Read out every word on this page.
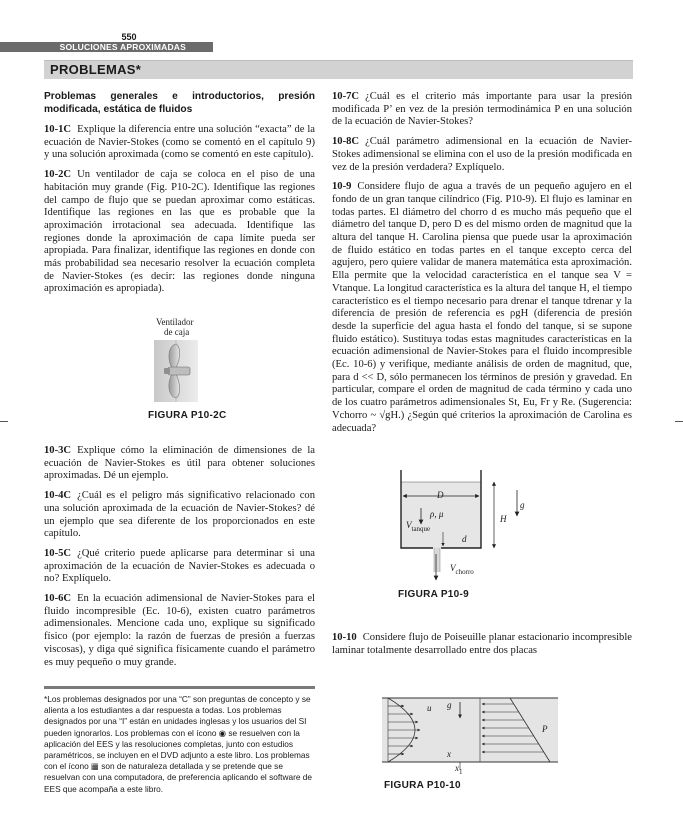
550
SOLUCIONES APROXIMADAS
PROBLEMAS*
Problemas generales e introductorios, presión modificada, estática de fluidos

10-1C Explique la diferencia entre una solución “exacta” de la ecuación de Navier-Stokes (como se comentó en el capítulo 9) y una solución aproximada (como se comentó en este capítulo).

10-2C Un ventilador de caja se coloca en el piso de una habitación muy grande (Fig. P10-2C). Identifique las regiones del campo de flujo que se puedan aproximar como estáticas. Identifique las regiones en las que es probable que la aproximación irrotacional sea adecuada. Identifique las regiones donde la aproximación de capa límite pueda ser apropiada. Para finalizar, identifique las regiones en donde con más probabilidad sea necesario resolver la ecuación completa de Navier-Stokes (es decir: las regiones donde ninguna aproximación es apropiada).

Ventilador
de caja
FIGURA P10-2C

10-3C Explique cómo la eliminación de dimensiones de la ecuación de Navier-Stokes es útil para obtener soluciones aproximadas. Dé un ejemplo.

10-4C ¿Cuál es el peligro más significativo relacionado con una solución aproximada de la ecuación de Navier-Stokes? dé un ejemplo que sea diferente de los proporcionados en este capítulo.

10-5C ¿Qué criterio puede aplicarse para determinar si una aproximación de la ecuación de Navier-Stokes es adecuada o no? Explíquelo.

10-6C En la ecuación adimensional de Navier-Stokes para el fluido incompresible (Ec. 10-6), existen cuatro parámetros adimensionales. Mencione cada uno, explique su significado físico (por ejemplo: la razón de fuerzas de presión a fuerzas viscosas), y diga qué significa físicamente cuando el parámetro es muy pequeño o muy grande.

*Los problemas designados por una “C” son preguntas de concepto y se alienta a los estudiantes a dar respuesta a todas. Los problemas designados por una “I” están en unidades inglesas y los usuarios del SI pueden ignorarlos. Los problemas con el ícono ◉ se resuelven con la aplicación del EES y las resoluciones completas, junto con estudios paramétricos, se incluyen en el DVD adjunto a este libro. Los problemas con el ícono ▦ son de naturaleza detallada y se pretende que se resuelvan con una computadora, de preferencia aplicando el software de EES que acompaña a este libro.

10-7C ¿Cuál es el criterio más importante para usar la presión modificada P’ en vez de la presión termodinámica P en una solución de la ecuación de Navier-Stokes?

10-8C ¿Cuál parámetro adimensional en la ecuación de Navier-Stokes adimensional se elimina con el uso de la presión modificada en vez de la presión verdadera? Explíquelo.

10-9 Considere flujo de agua a través de un pequeño agujero en el fondo de un gran tanque cilíndrico (Fig. P10-9). El flujo es laminar en todas partes. El diámetro del chorro d es mucho más pequeño que el diámetro del tanque D, pero D es del mismo orden de magnitud que la altura del tanque H. Carolina piensa que puede usar la aproximación de fluido estático en todas partes en el tanque excepto cerca del agujero, pero quiere validar de manera matemática esta aproximación. Ella permite que la velocidad característica en el tanque sea V = Vtanque. La longitud característica es la altura del tanque H, el tiempo característico es el tiempo necesario para drenar el tanque tdrenar y la diferencia de presión de referencia es ρgH (diferencia de presión desde la superficie del agua hasta el fondo del tanque, si se supone fluido estático). Sustituya todas estas magnitudes características en la ecuación adimensional de Navier-Stokes para el fluido incompresible (Ec. 10-6) y verifique, mediante análisis de orden de magnitud, que, para d << D, sólo permanecen los términos de presión y gravedad. En particular, compare el orden de magnitud de cada término y cada uno de los cuatro parámetros adimensionales St, Eu, Fr y Re. (Sugerencia: Vchorro ~ √gH.) ¿Según qué criterios la aproximación de Carolina es adecuada?

D
ρ, μ
$V_{tanque}$
H
g
d
$V_{chorro}$
FIGURA P10-9

10-10 Considere flujo de Poiseuille planar estacionario incompresible laminar totalmente desarrollado entre dos placas

u g
P
x
$x_1$
FIGURA P10-10
